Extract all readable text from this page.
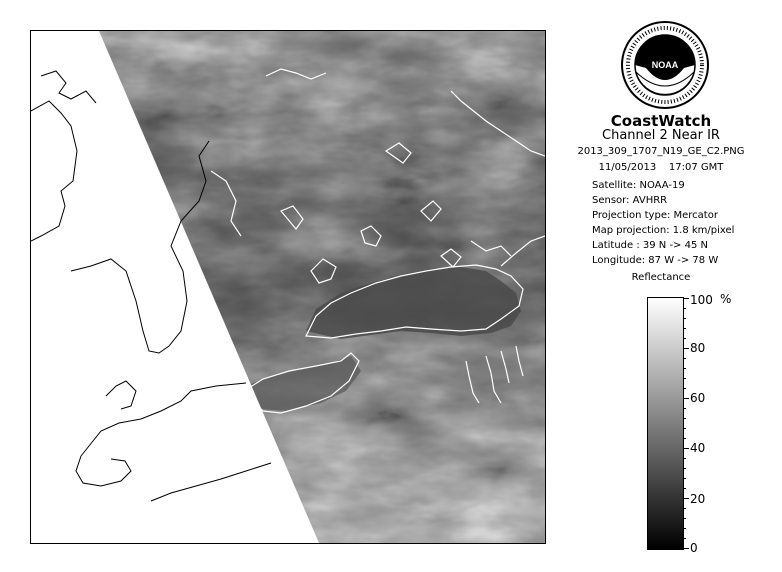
NOAA
CoastWatch
Channel 2 Near IR
2013_309_1707_N19_GE_C2.PNG
11/05/2013    17:07 GMT
Satellite: NOAA-19
Sensor: AVHRR
Projection type: Mercator
Map projection: 1.8 km/pixel
Latitude : 39 N -> 45 N
Longitude: 87 W -> 78 W
Reflectance
%
100
80
60
40
20
0
